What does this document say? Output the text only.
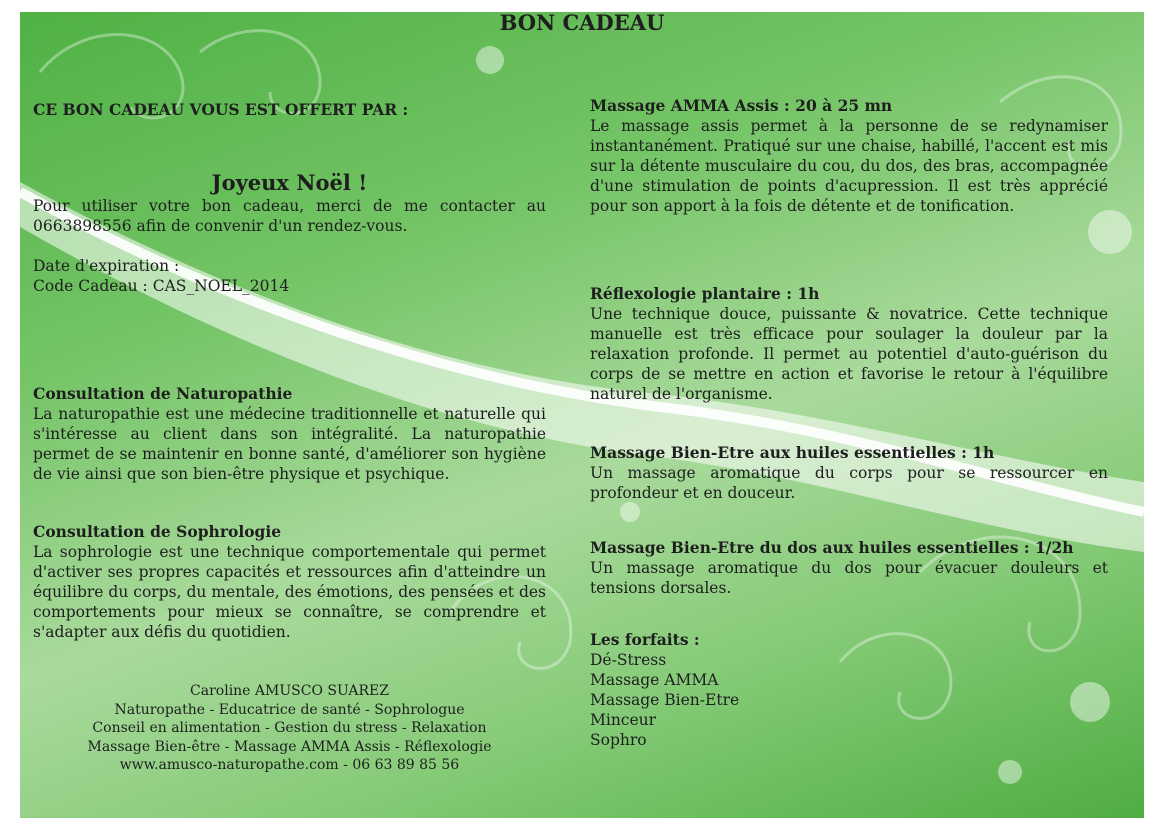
BON CADEAU

CE BON CADEAU VOUS EST OFFERT PAR :

Joyeux Noël !

Pour utiliser votre bon cadeau, merci de me contacter au 0663898556 afin de convenir d'un rendez-vous.

Date d'expiration :

Code Cadeau : CAS_NOEL_2014

Consultation de Naturopathie

La naturopathie est une médecine traditionnelle et naturelle qui s'intéresse au client dans son intégralité. La naturopathie permet de se maintenir en bonne santé, d'améliorer son hygiène de vie ainsi que son bien-être physique et psychique.

Consultation de Sophrologie

La sophrologie est une technique comportementale qui permet d'activer ses propres capacités et ressources afin d'atteindre un équilibre du corps, du mentale, des émotions, des pensées et des comportements pour mieux se connaître, se comprendre et s'adapter aux défis du quotidien.

Caroline AMUSCO SUAREZ
Naturopathe - Educatrice de santé - Sophrologue
Conseil en alimentation - Gestion du stress - Relaxation
Massage Bien-être - Massage AMMA Assis - Réflexologie
www.amusco-naturopathe.com - 06 63 89 85 56

Massage AMMA Assis : 20 à 25 mn

Le massage assis permet à la personne de se redynamiser instantanément. Pratiqué sur une chaise, habillé, l'accent est mis sur la détente musculaire du cou, du dos, des bras, accompagnée d'une stimulation de points d'acupression. Il est très apprécié pour son apport à la fois de détente et de tonification.

Réflexologie plantaire : 1h

Une technique douce, puissante & novatrice. Cette technique manuelle est très efficace pour soulager la douleur par la relaxation profonde. Il permet au potentiel d'auto-guérison du corps de se mettre en action et favorise le retour à l'équilibre naturel de l'organisme.

Massage Bien-Etre aux huiles essentielles : 1h

Un massage aromatique du corps pour se ressourcer en profondeur et en douceur.

Massage Bien-Etre du dos aux huiles essentielles : 1/2h

Un massage aromatique du dos pour évacuer douleurs et tensions dorsales.

Les forfaits :

Dé-Stress

Massage AMMA

Massage Bien-Etre

Minceur

Sophro
